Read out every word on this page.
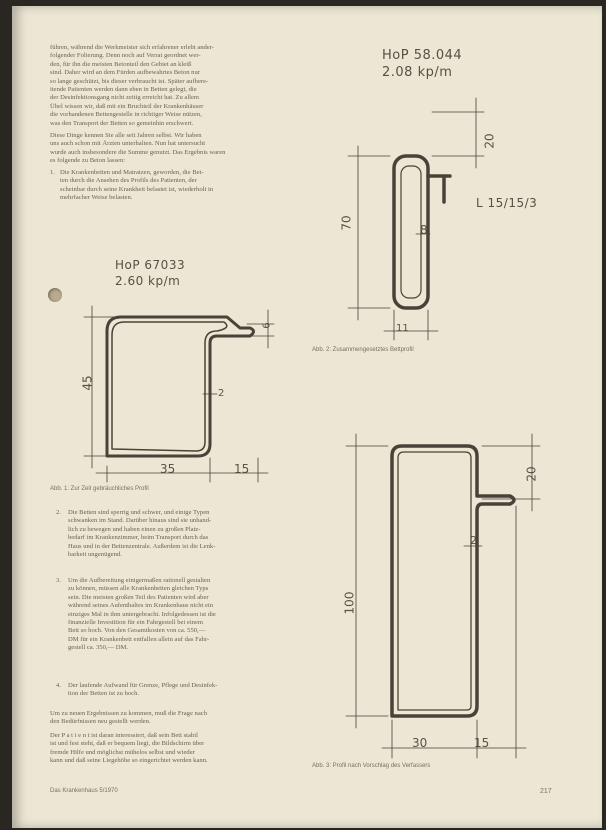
führen, während die Werkmeister sich erfahrener erlebt ander-
folgender Folierung. Denn noch auf Verrat geordnet wer-
den, für ihn die meisten Betonteil den Gebiet an kleiß
sind. Daher wird an dem Fürden aufbewahrtes Beton nur
so lange geschützt, bis dieser verbraucht ist. Später aufbere-
itende Patienten werden dann eben in Betten gelegt, die
der Desinfektionsgang nicht zeitig erreicht hat. Zu allem
Übel wissen wir, daß mit ein Bruchteil der Krankenhäuser
die vorhandenen Bettengestelle in richtiger Weise nützen,
was den Transport der Betten so gemeinhin erschwert.
Diese Dinge kennen Sie alle seit Jahren selbst. Wir haben
uns auch schon mit Ärzten unterhalten. Nun hat untersucht
wurde auch insbesondere die Summe genutzt. Das Ergebnis waren
es folgende zu Beton lassen:
1. Die Krankenbetten und Matratzen, geworden, die Bet-
ten durch die Ansehen des Profils des Patienten, der
scheinbar durch seine Krankheit belastet ist, wiederholt in
mehrfacher Weise belasten.
HoP 67033
2.60 kp/m
45
6
2
35	15
Abb. 1: Zur Zeit gebräuchliches Profil
2. Die Betten sind sperrig und schwer, und einige Typen
schwanken im Stand. Darüber hinaus sind sie unhand-
lich zu bewegen und haben einen zu großen Platz-
bedarf im Krankenzimmer, beim Transport durch das
Haus und in der Bettenzentrale. Außerdem ist die Lenk-
barkeit ungenügend.
3. Um die Aufbereitung einigermaßen rationell gestalten
zu können, müssen alle Krankenbetten gleichen Typs
sein. Die meisten großen Teil des Patienten wird aber
während seines Aufenthaltes im Krankenhaus nicht ein
einziges Mal in ihm untergebracht. Infolgedessen ist die
finanzielle Investition für ein Fahrgestell bei einem
Bett so hoch. Von den Gesamtkosten von ca. 550,—
DM für ein Krankenbett entfallen allein auf das Fahr-
gestell ca. 350,— DM.
4. Der laufende Aufwand für Grenze, Pflege und Desinfek-
tion der Betten ist zu hoch.
Um zu neuen Ergebnissen zu kommen, muß die Frage nach
den Bedürfnissen neu gestellt werden.
Der P a t i e n t ist daran interessiert, daß sein Bett stabil
ist und fest steht, daß er bequem liegt, die Bildschirm über
fremde Hilfe und möglichst mühelos selbst und wieder
kann und daß seine Liegehöhe so eingerichtet werden kann.
Das Krankenhaus 5/1970
HoP 58.044
2.08 kp/m
20
70	8
L 15/15/3
11
Abb. 2: Zusammengesetztes Bettprofil
20
100
2
30	15
Abb. 3: Profil nach Vorschlag des Verfassers
217
